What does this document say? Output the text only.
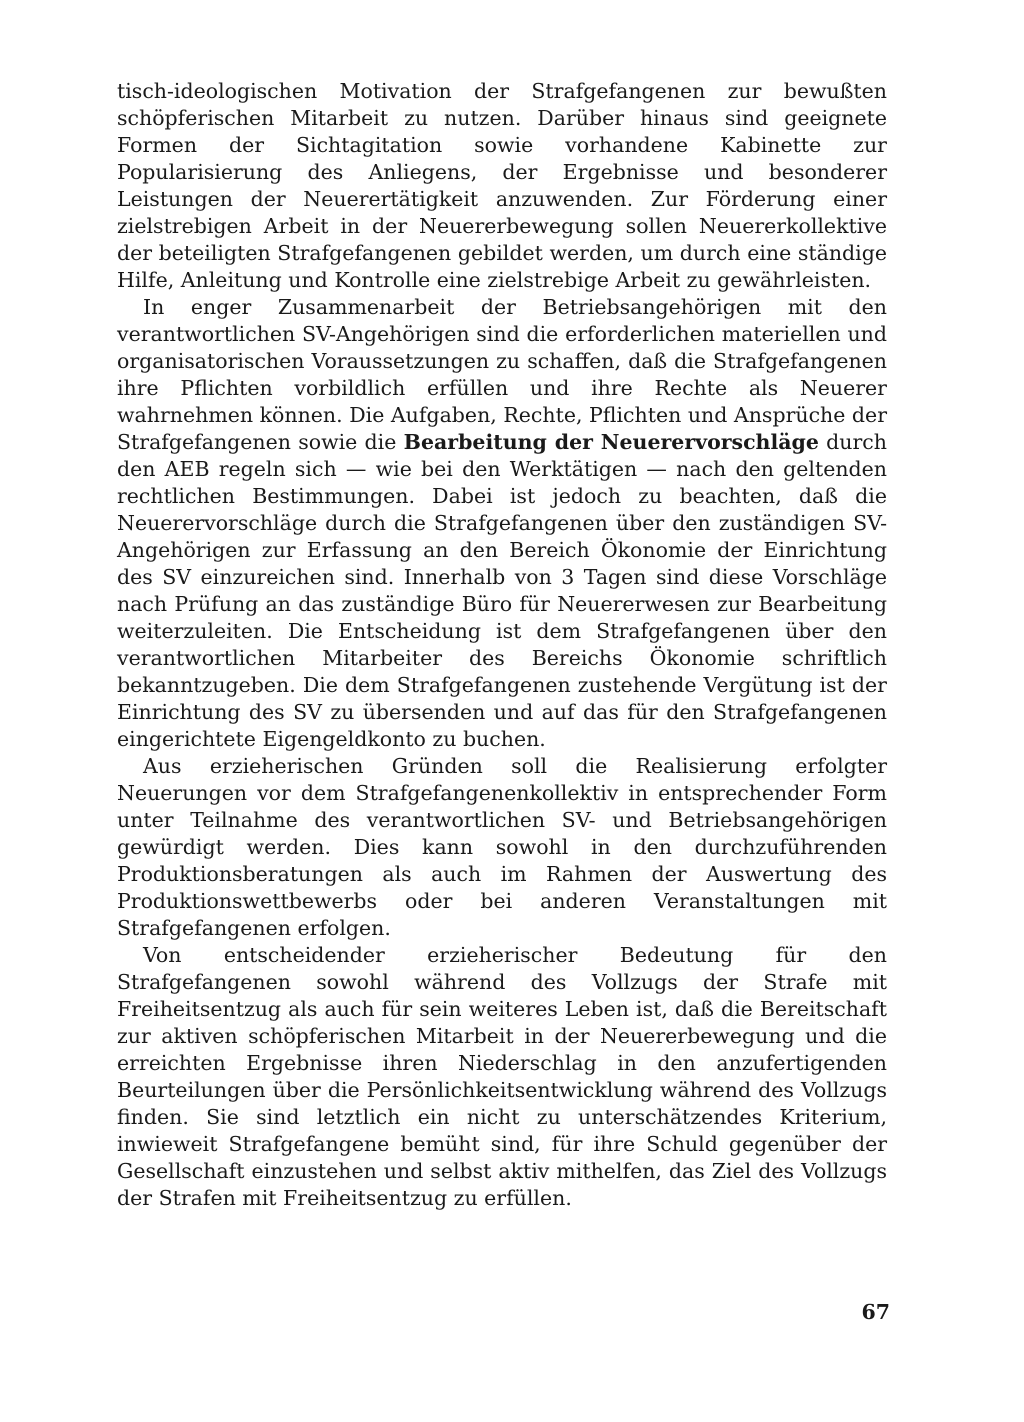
tisch-ideologischen Motivation der Strafgefangenen zur bewußten schöpferischen Mitarbeit zu nutzen. Darüber hinaus sind geeignete Formen der Sichtagitation sowie vorhandene Kabinette zur Popularisierung des Anliegens, der Ergebnisse und besonderer Leistungen der Neuerertätigkeit anzuwenden. Zur Förderung einer zielstrebigen Arbeit in der Neuererbewegung sollen Neuererkollektive der beteiligten Strafgefangenen gebildet werden, um durch eine ständige Hilfe, Anleitung und Kontrolle eine zielstrebige Arbeit zu gewährleisten.

In enger Zusammenarbeit der Betriebsangehörigen mit den verantwortlichen SV-Angehörigen sind die erforderlichen materiellen und organisatorischen Voraussetzungen zu schaffen, daß die Strafgefangenen ihre Pflichten vorbildlich erfüllen und ihre Rechte als Neuerer wahrnehmen können. Die Aufgaben, Rechte, Pflichten und Ansprüche der Strafgefangenen sowie die Bearbeitung der Neuerervorschläge durch den AEB regeln sich — wie bei den Werktätigen — nach den geltenden rechtlichen Bestimmungen. Dabei ist jedoch zu beachten, daß die Neuerervorschläge durch die Strafgefangenen über den zuständigen SV-Angehörigen zur Erfassung an den Bereich Ökonomie der Einrichtung des SV einzureichen sind. Innerhalb von 3 Tagen sind diese Vorschläge nach Prüfung an das zuständige Büro für Neuererwesen zur Bearbeitung weiterzuleiten. Die Entscheidung ist dem Strafgefangenen über den verantwortlichen Mitarbeiter des Bereichs Ökonomie schriftlich bekanntzugeben. Die dem Strafgefangenen zustehende Vergütung ist der Einrichtung des SV zu übersenden und auf das für den Strafgefangenen eingerichtete Eigengeldkonto zu buchen.

Aus erzieherischen Gründen soll die Realisierung erfolgter Neuerungen vor dem Strafgefangenenkollektiv in entsprechender Form unter Teilnahme des verantwortlichen SV- und Betriebsangehörigen gewürdigt werden. Dies kann sowohl in den durchzuführenden Produktionsberatungen als auch im Rahmen der Auswertung des Produktionswettbewerbs oder bei anderen Veranstaltungen mit Strafgefangenen erfolgen.

Von entscheidender erzieherischer Bedeutung für den Strafgefangenen sowohl während des Vollzugs der Strafe mit Freiheitsentzug als auch für sein weiteres Leben ist, daß die Bereitschaft zur aktiven schöpferischen Mitarbeit in der Neuererbewegung und die erreichten Ergebnisse ihren Niederschlag in den anzufertigenden Beurteilungen über die Persönlichkeitsentwicklung während des Vollzugs finden. Sie sind letztlich ein nicht zu unterschätzendes Kriterium, inwieweit Strafgefangene bemüht sind, für ihre Schuld gegenüber der Gesellschaft einzustehen und selbst aktiv mithelfen, das Ziel des Vollzugs der Strafen mit Freiheitsentzug zu erfüllen.

67
